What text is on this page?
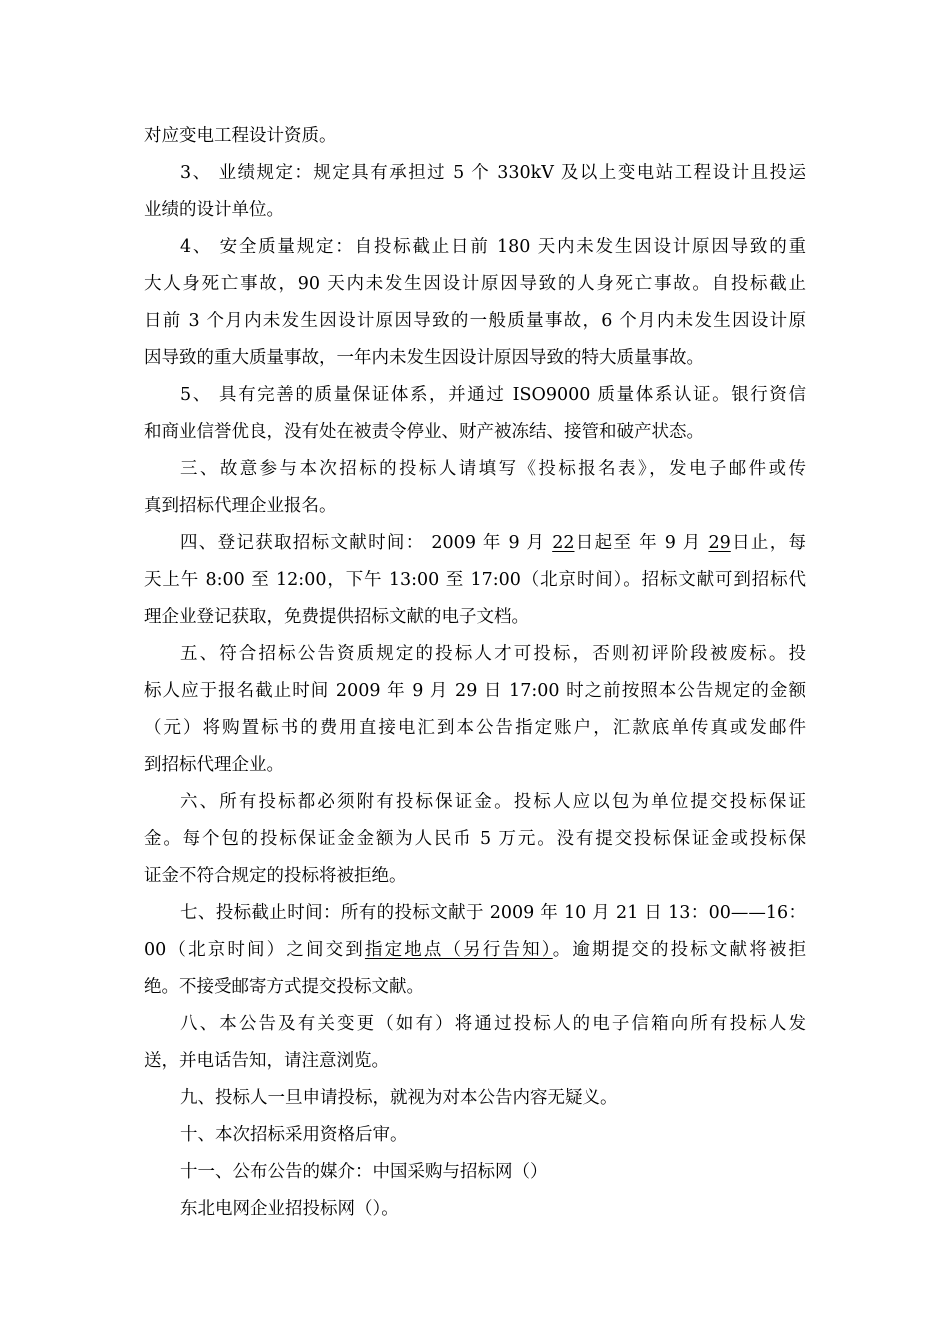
对应变电工程设计资质。
3、 业绩规定：规定具有承担过 5 个 330kV 及以上变电站工程设计且投运
业绩的设计单位。
4、 安全质量规定：自投标截止日前 180 天内未发生因设计原因导致的重
大人身死亡事故，90 天内未发生因设计原因导致的人身死亡事故。自投标截止
日前 3 个月内未发生因设计原因导致的一般质量事故，6 个月内未发生因设计原
因导致的重大质量事故，一年内未发生因设计原因导致的特大质量事故。
5、 具有完善的质量保证体系，并通过 ISO9000 质量体系认证。银行资信
和商业信誉优良，没有处在被责令停业、财产被冻结、接管和破产状态。
三、故意参与本次招标的投标人请填写《投标报名表》，发电子邮件或传
真到招标代理企业报名。
四、登记获取招标文献时间： 2009 年 9 月 22日起至 年 9 月 29日止，每
天上午 8:00 至 12:00，下午 13:00 至 17:00（北京时间）。招标文献可到招标代
理企业登记获取，免费提供招标文献的电子文档。
五、符合招标公告资质规定的投标人才可投标，否则初评阶段被废标。投
标人应于报名截止时间 2009 年 9 月 29 日 17:00 时之前按照本公告规定的金额
（元）将购置标书的费用直接电汇到本公告指定账户，汇款底单传真或发邮件
到招标代理企业。
六、所有投标都必须附有投标保证金。投标人应以包为单位提交投标保证
金。每个包的投标保证金金额为人民币 5 万元。没有提交投标保证金或投标保
证金不符合规定的投标将被拒绝。
七、投标截止时间：所有的投标文献于 2009 年 10 月 21 日 13：00——16：
00（北京时间）之间交到指定地点（另行告知）。逾期提交的投标文献将被拒
绝。不接受邮寄方式提交投标文献。
八、本公告及有关变更（如有）将通过投标人的电子信箱向所有投标人发
送，并电话告知，请注意浏览。
九、投标人一旦申请投标，就视为对本公告内容无疑义。
十、本次招标采用资格后审。
十一、公布公告的媒介：中国采购与招标网（）
东北电网企业招投标网（）。
